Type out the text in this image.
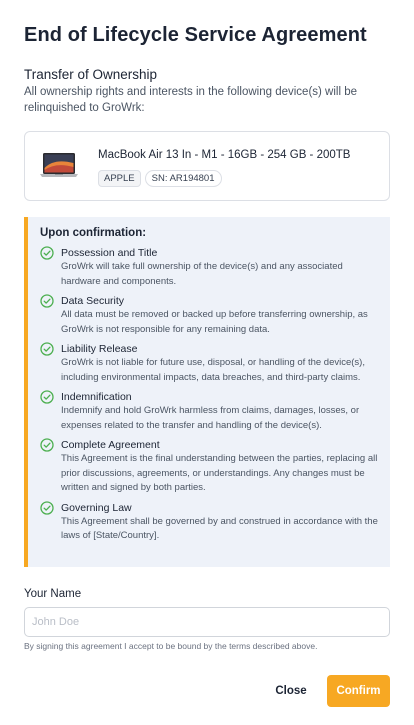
End of Lifecycle Service Agreement
Transfer of Ownership
All ownership rights and interests in the following device(s) will be relinquished to GroWrk:
MacBook Air 13 In - M1 - 16GB - 254 GB - 200TB
APPLE	SN: AR194801
Upon confirmation:
Possession and Title
GroWrk will take full ownership of the device(s) and any associated hardware and components.
Data Security
All data must be removed or backed up before transferring ownership, as GroWrk is not responsible for any remaining data.
Liability Release
GroWrk is not liable for future use, disposal, or handling of the device(s), including environmental impacts, data breaches, and third-party claims.
Indemnification
Indemnify and hold GroWrk harmless from claims, damages, losses, or expenses related to the transfer and handling of the device(s).
Complete Agreement
This Agreement is the final understanding between the parties, replacing all prior discussions, agreements, or understandings. Any changes must be written and signed by both parties.
Governing Law
This Agreement shall be governed by and construed in accordance with the laws of [State/Country].
Your Name
John Doe
By signing this agreement I accept to be bound by the terms described above.
Close	Confirm
